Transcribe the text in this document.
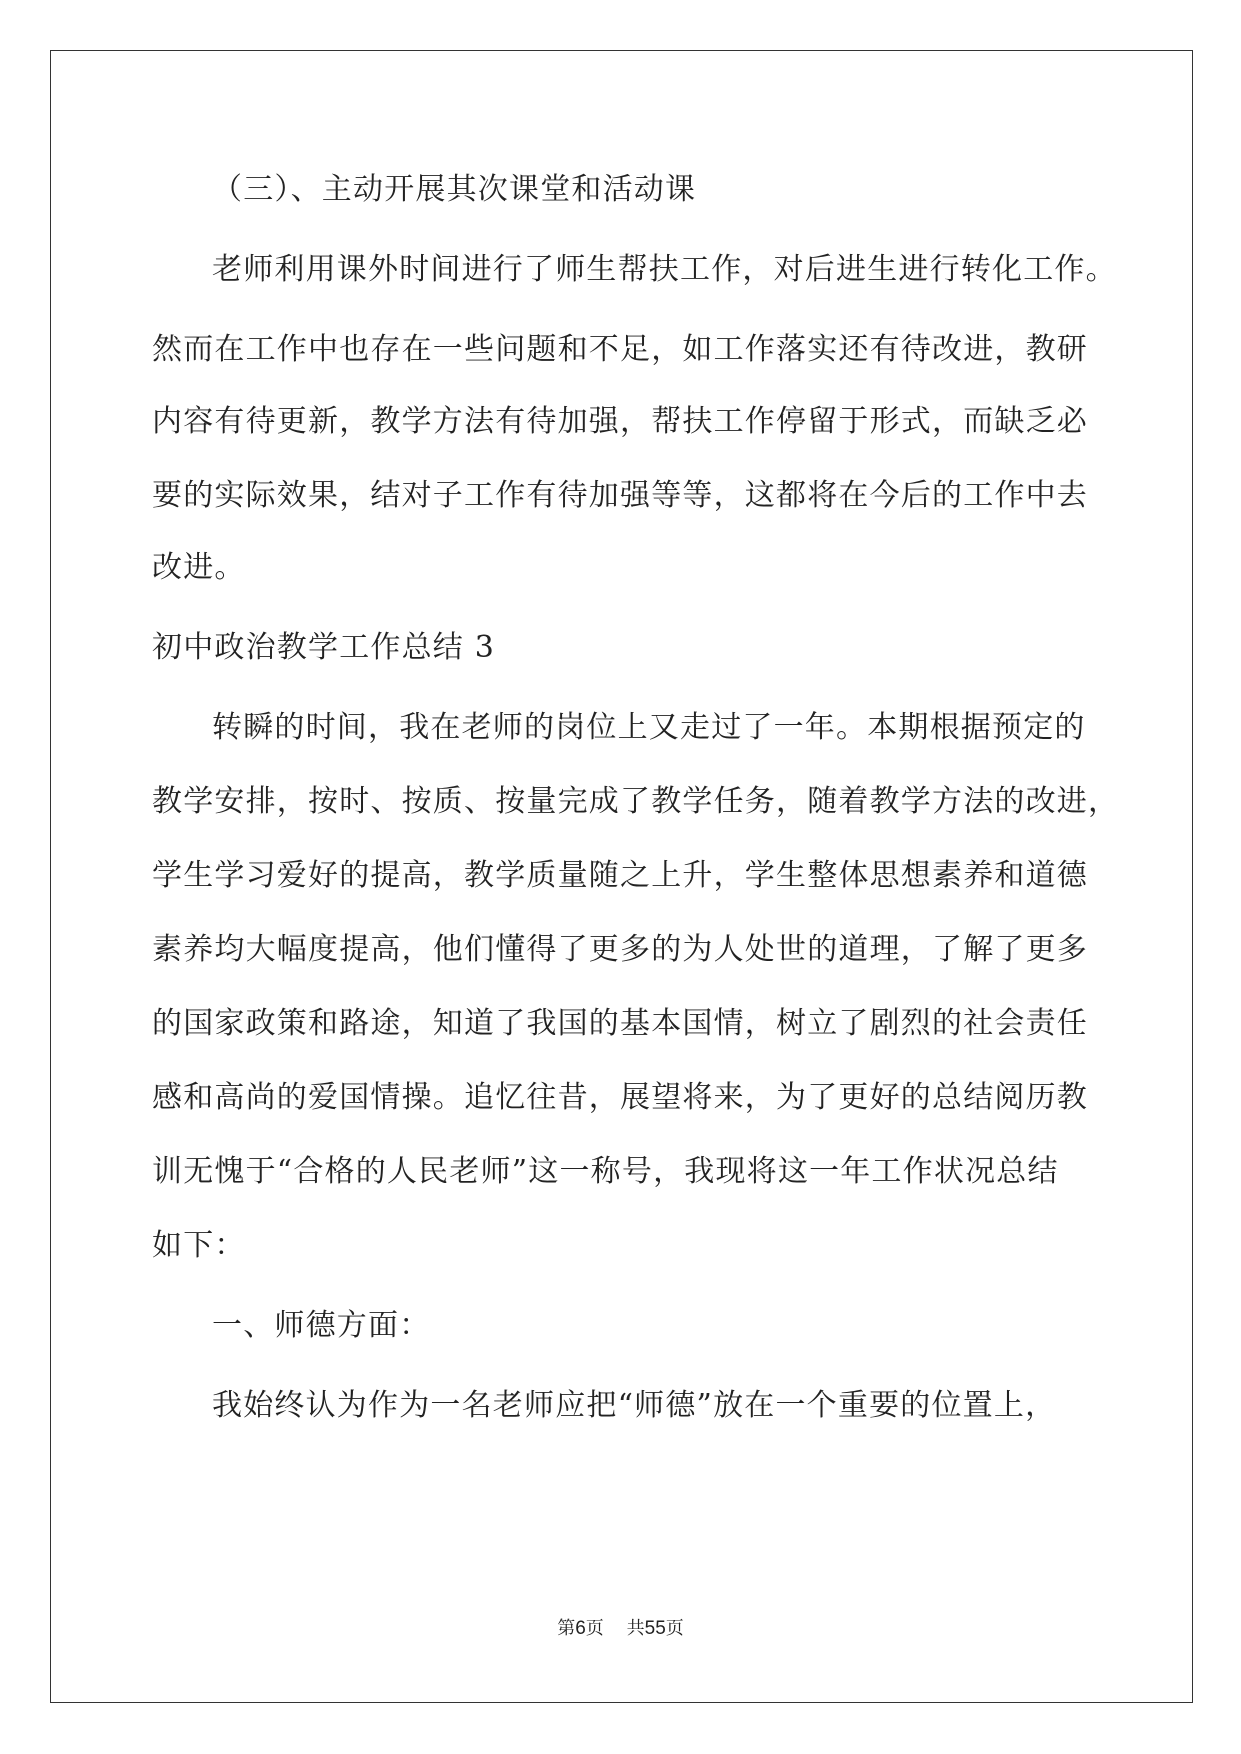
（三）、主动开展其次课堂和活动课
老师利用课外时间进行了师生帮扶工作，对后进生进行转化工作。
然而在工作中也存在一些问题和不足，如工作落实还有待改进，教研
内容有待更新，教学方法有待加强，帮扶工作停留于形式，而缺乏必
要的实际效果，结对子工作有待加强等等，这都将在今后的工作中去
改进。
初中政治教学工作总结 3
转瞬的时间，我在老师的岗位上又走过了一年。本期根据预定的
教学安排，按时、按质、按量完成了教学任务，随着教学方法的改进，
学生学习爱好的提高，教学质量随之上升，学生整体思想素养和道德
素养均大幅度提高，他们懂得了更多的为人处世的道理，了解了更多
的国家政策和路途，知道了我国的基本国情，树立了剧烈的社会责任
感和高尚的爱国情操。追忆往昔，展望将来，为了更好的总结阅历教
训无愧于“合格的人民老师”这一称号，我现将这一年工作状况总结
如下：
一、师德方面：
我始终认为作为一名老师应把“师德”放在一个重要的位置上，
第6页 共55页
